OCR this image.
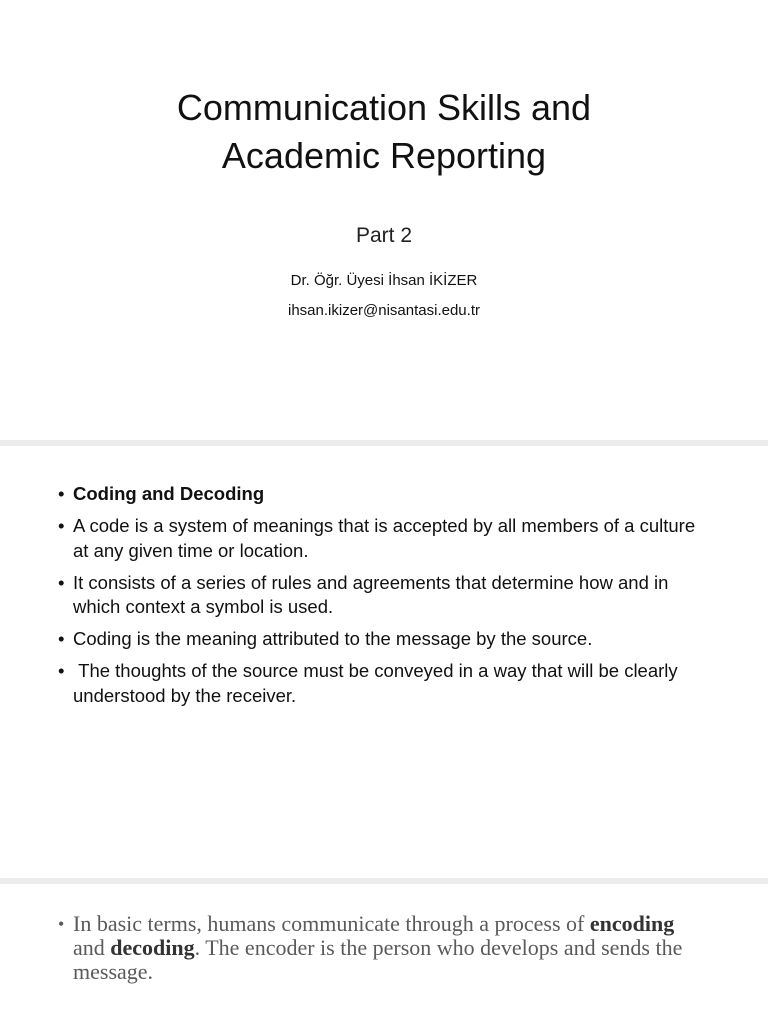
Communication Skills and
Academic Reporting
Part 2
Dr. Öğr. Üyesi İhsan İKİZER
ihsan.ikizer@nisantasi.edu.tr
• Coding and Decoding
• A code is a system of meanings that is accepted by all members of a culture at any given time or location.
• It consists of a series of rules and agreements that determine how and in which context a symbol is used.
• Coding is the meaning attributed to the message by the source.
• The thoughts of the source must be conveyed in a way that will be clearly understood by the receiver.
• In basic terms, humans communicate through a process of encoding and decoding. The encoder is the person who develops and sends the message.
